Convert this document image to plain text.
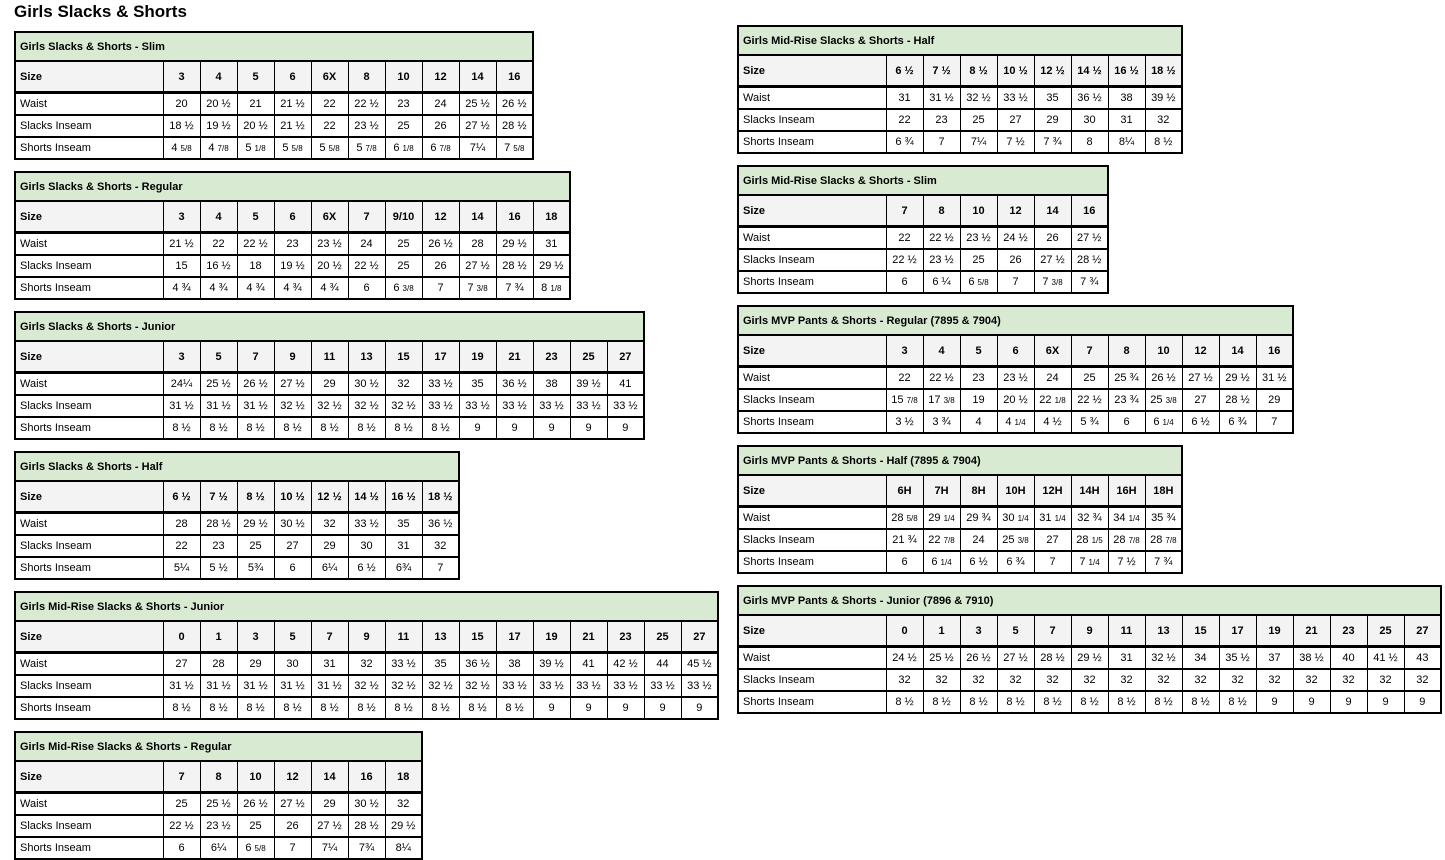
Girls Slacks & Shorts
Girls Slacks & Shorts - Slim										
Size	3	4	5	6	6X	8	10	12	14	16
Waist	20	20 ½	21	21 ½	22	22 ½	23	24	25 ½	26 ½
Slacks Inseam	18 ½	19 ½	20 ½	21 ½	22	23 ½	25	26	27 ½	28 ½
Shorts Inseam	4 5/8	4 7/8	5 1/8	5 5/8	5 5/8	5 7/8	6 1/8	6 7/8	7¼	7 5/8
Girls Slacks & Shorts - Regular											
Size	3	4	5	6	6X	7	9/10	12	14	16	18
Waist	21 ½	22	22 ½	23	23 ½	24	25	26 ½	28	29 ½	31
Slacks Inseam	15	16 ½	18	19 ½	20 ½	22 ½	25	26	27 ½	28 ½	29 ½
Shorts Inseam	4 ¾	4 ¾	4 ¾	4 ¾	4 ¾	6	6 3/8	7	7 3/8	7 ¾	8 1/8
Girls Slacks & Shorts - Junior													
Size	3	5	7	9	11	13	15	17	19	21	23	25	27
Waist	24¼	25 ½	26 ½	27 ½	29	30 ½	32	33 ½	35	36 ½	38	39 ½	41
Slacks Inseam	31 ½	31 ½	31 ½	32 ½	32 ½	32 ½	32 ½	33 ½	33 ½	33 ½	33 ½	33 ½	33 ½
Shorts Inseam	8 ½	8 ½	8 ½	8 ½	8 ½	8 ½	8 ½	8 ½	9	9	9	9	9
Girls Slacks & Shorts - Half								
Size	6 ½	7 ½	8 ½	10 ½	12 ½	14 ½	16 ½	18 ½
Waist	28	28 ½	29 ½	30 ½	32	33 ½	35	36 ½
Slacks Inseam	22	23	25	27	29	30	31	32
Shorts Inseam	5¼	5 ½	5¾	6	6¼	6 ½	6¾	7
Girls Mid-Rise Slacks & Shorts - Junior															
Size	0	1	3	5	7	9	11	13	15	17	19	21	23	25	27
Waist	27	28	29	30	31	32	33 ½	35	36 ½	38	39 ½	41	42 ½	44	45 ½
Slacks Inseam	31 ½	31 ½	31 ½	31 ½	31 ½	32 ½	32 ½	32 ½	32 ½	33 ½	33 ½	33 ½	33 ½	33 ½	33 ½
Shorts Inseam	8 ½	8 ½	8 ½	8 ½	8 ½	8 ½	8 ½	8 ½	8 ½	8 ½	9	9	9	9	9
Girls Mid-Rise Slacks & Shorts - Regular							
Size	7	8	10	12	14	16	18
Waist	25	25 ½	26 ½	27 ½	29	30 ½	32
Slacks Inseam	22 ½	23 ½	25	26	27 ½	28 ½	29 ½
Shorts Inseam	6	6¼	6 5/8	7	7¼	7¾	8¼
Girls Mid-Rise Slacks & Shorts - Half								
Size	6 ½	7 ½	8 ½	10 ½	12 ½	14 ½	16 ½	18 ½
Waist	31	31 ½	32 ½	33 ½	35	36 ½	38	39 ½
Slacks Inseam	22	23	25	27	29	30	31	32
Shorts Inseam	6 ¾	7	7¼	7 ½	7 ¾	8	8¼	8 ½
Girls Mid-Rise Slacks & Shorts - Slim						
Size	7	8	10	12	14	16
Waist	22	22 ½	23 ½	24 ½	26	27 ½
Slacks Inseam	22 ½	23 ½	25	26	27 ½	28 ½
Shorts Inseam	6	6 ¼	6 5/8	7	7 3/8	7 ¾
Girls MVP Pants & Shorts - Regular (7895 & 7904)											
Size	3	4	5	6	6X	7	8	10	12	14	16
Waist	22	22 ½	23	23 ½	24	25	25 ¾	26 ½	27 ½	29 ½	31 ½
Slacks Inseam	15 7/8	17 3/8	19	20 ½	22 1/8	22 ½	23 ¾	25 3/8	27	28 ½	29
Shorts Inseam	3 ½	3 ¾	4	4 1/4	4 ½	5 ¾	6	6 1/4	6 ½	6 ¾	7
Girls MVP Pants & Shorts - Half (7895 & 7904)								
Size	6H	7H	8H	10H	12H	14H	16H	18H
Waist	28 5/8	29 1/4	29 ¾	30 1/4	31 1/4	32 ¾	34 1/4	35 ¾
Slacks Inseam	21 ¾	22 7/8	24	25 3/8	27	28 1/5	28 7/8	28 7/8
Shorts Inseam	6	6 1/4	6 ½	6 ¾	7	7 1/4	7 ½	7 ¾
Girls MVP Pants & Shorts - Junior (7896 & 7910)															
Size	0	1	3	5	7	9	11	13	15	17	19	21	23	25	27
Waist	24 ½	25 ½	26 ½	27 ½	28 ½	29 ½	31	32 ½	34	35 ½	37	38 ½	40	41 ½	43
Slacks Inseam	32	32	32	32	32	32	32	32	32	32	32	32	32	32	32
Shorts Inseam	8 ½	8 ½	8 ½	8 ½	8 ½	8 ½	8 ½	8 ½	8 ½	8 ½	9	9	9	9	9
